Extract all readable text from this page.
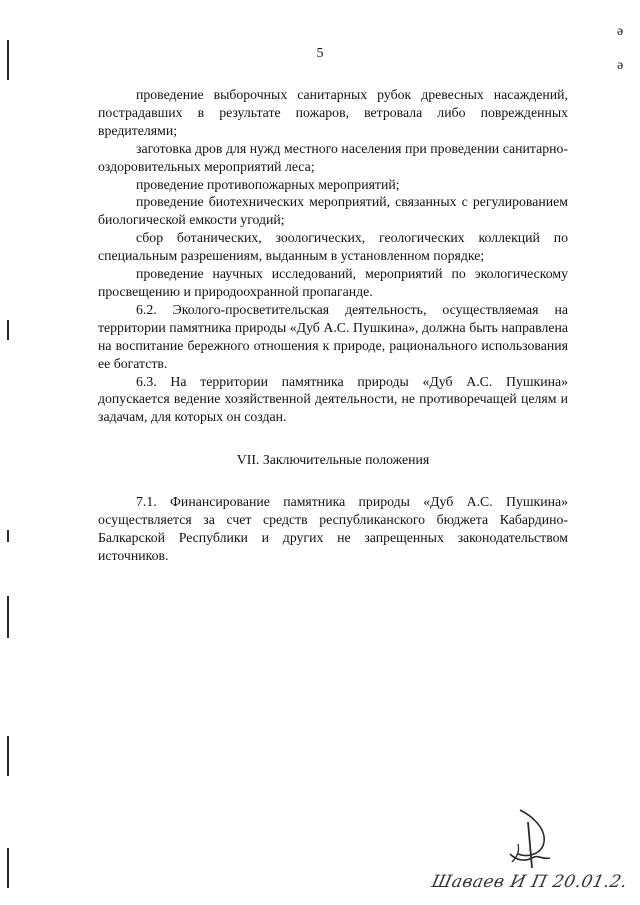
ə
ə
5

проведение выборочных санитарных рубок древесных насаждений, пострадавших в результате пожаров, ветровала либо поврежденных вредителями;

заготовка дров для нужд местного населения при проведении санитарно-оздоровительных мероприятий леса;

проведение противопожарных мероприятий;

проведение биотехнических мероприятий, связанных с регулированием биологической емкости угодий;

сбор ботанических, зоологических, геологических коллекций по специальным разрешениям, выданным в установленном порядке;

проведение научных исследований, мероприятий по экологическому просвещению и природоохранной пропаганде.

6.2. Эколого-просветительская деятельность, осуществляемая на территории памятника природы «Дуб А.С. Пушкина», должна быть направлена на воспитание бережного отношения к природе, рационального использования ее богатств.

6.3. На территории памятника природы «Дуб А.С. Пушкина» допускается ведение хозяйственной деятельности, не противоречащей целям и задачам, для которых он создан.

VII. Заключительные положения

7.1. Финансирование памятника природы «Дуб А.С. Пушкина» осуществляется за счет средств республиканского бюджета Кабардино-Балкарской Республики и других не запрещенных законодательством источников.

Шаваев И П 20.01.2.
